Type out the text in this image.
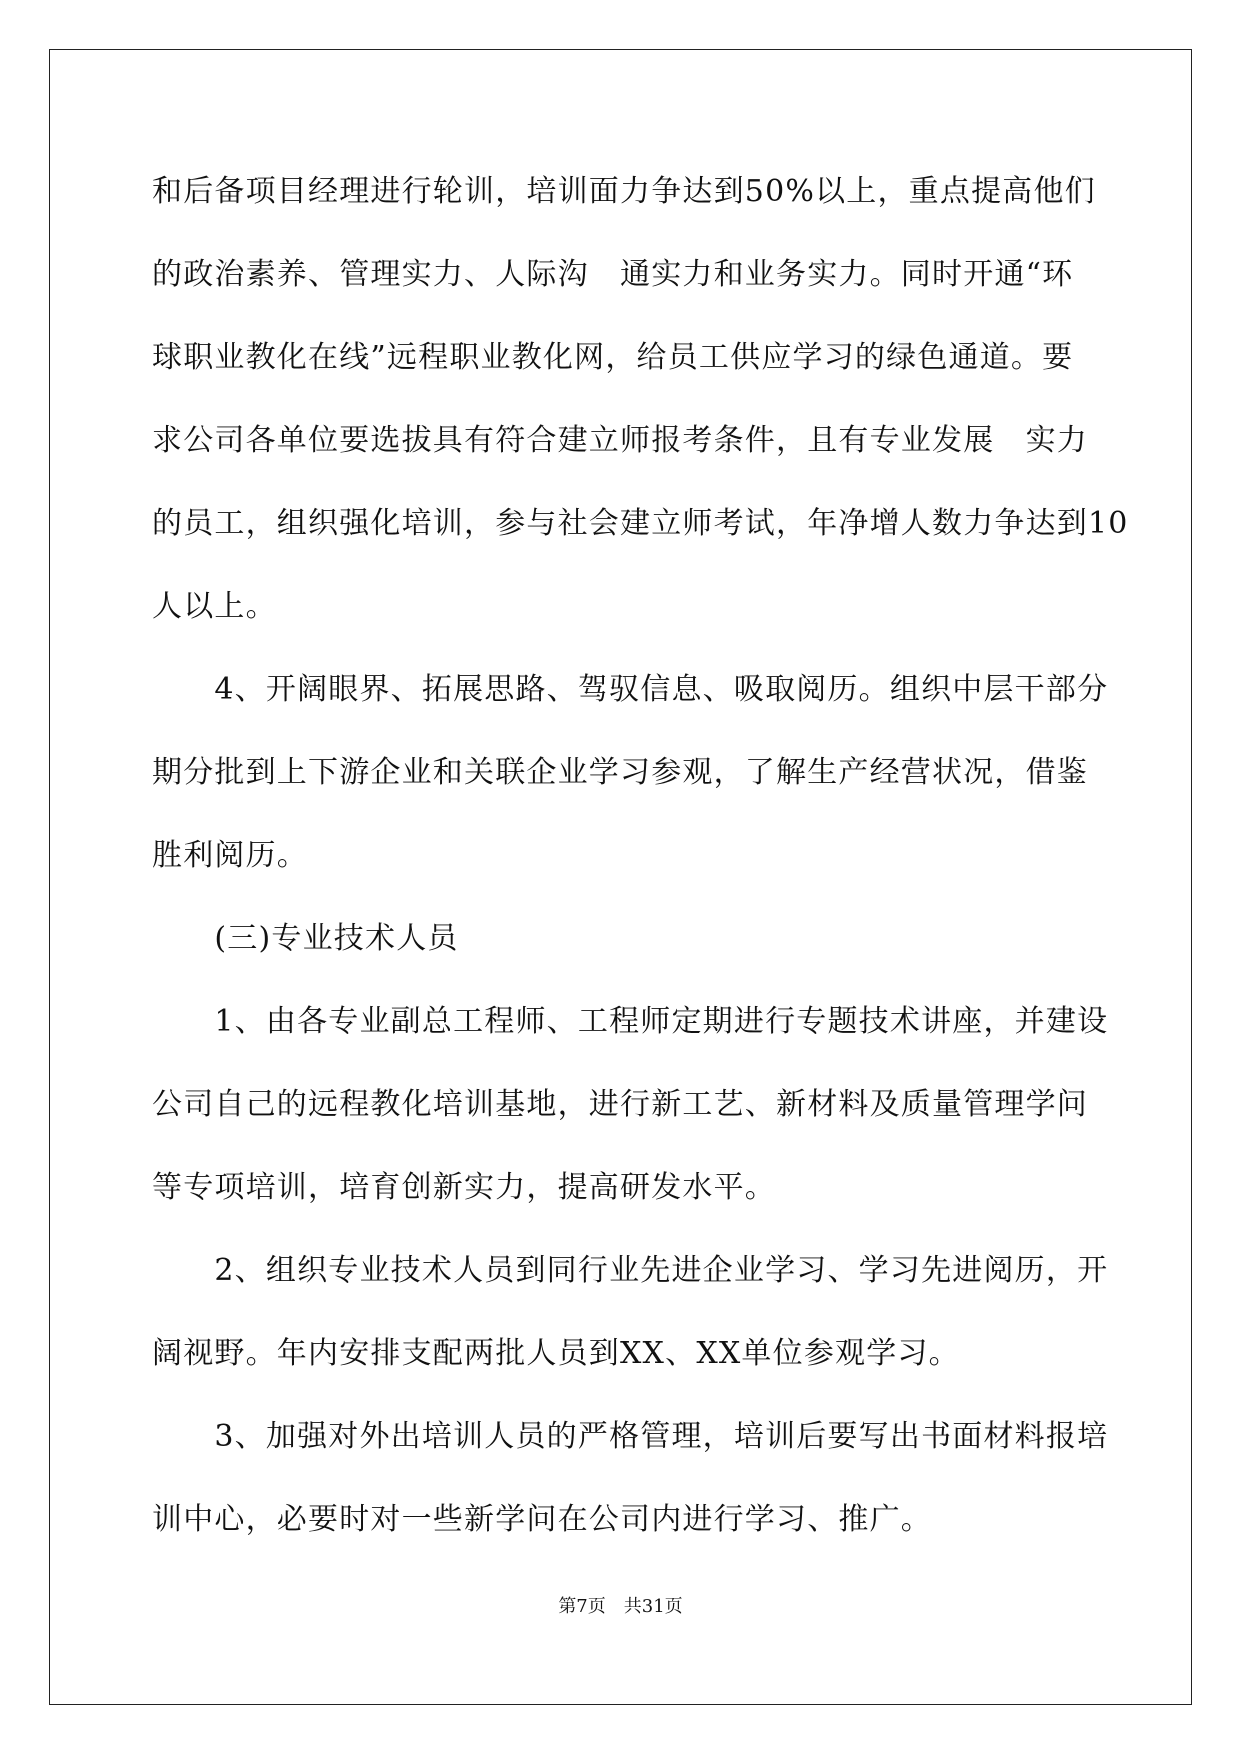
和后备项目经理进行轮训，培训面力争达到50%以上，重点提高他们
的政治素养、管理实力、人际沟　通实力和业务实力。同时开通“环
球职业教化在线”远程职业教化网，给员工供应学习的绿色通道。要
求公司各单位要选拔具有符合建立师报考条件，且有专业发展　实力
的员工，组织强化培训，参与社会建立师考试，年净增人数力争达到10
人以上。
　　4、开阔眼界、拓展思路、驾驭信息、吸取阅历。组织中层干部分
期分批到上下游企业和关联企业学习参观，了解生产经营状况，借鉴
胜利阅历。
　　(三)专业技术人员
　　1、由各专业副总工程师、工程师定期进行专题技术讲座，并建设
公司自己的远程教化培训基地，进行新工艺、新材料及质量管理学问
等专项培训，培育创新实力，提高研发水平。
　　2、组织专业技术人员到同行业先进企业学习、学习先进阅历，开
阔视野。年内安排支配两批人员到XX、XX单位参观学习。
　　3、加强对外出培训人员的严格管理，培训后要写出书面材料报培
训中心，必要时对一些新学问在公司内进行学习、推广。
第7页 共31页
